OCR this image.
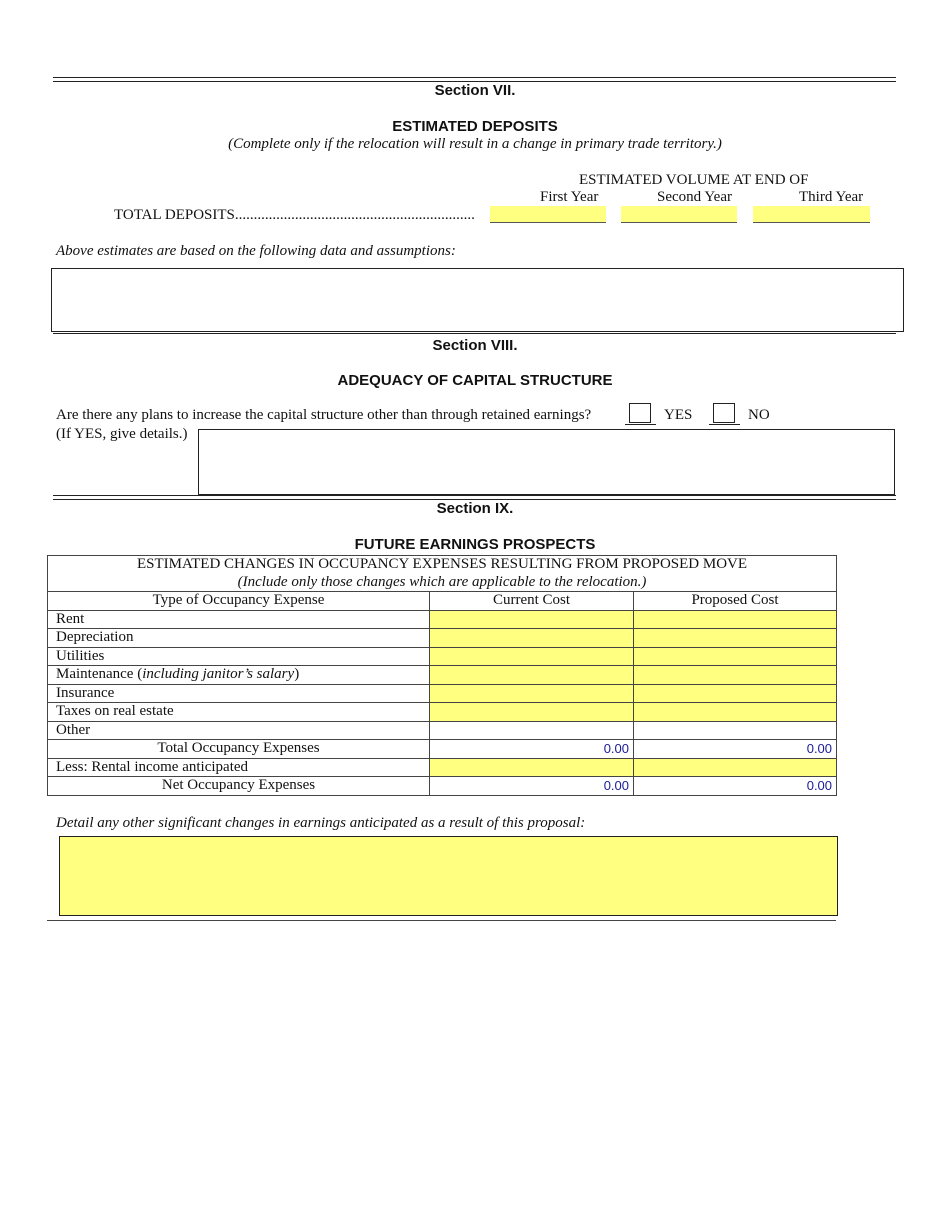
Section VII.
ESTIMATED DEPOSITS
(Complete only if the relocation will result in a change in primary trade territory.)
ESTIMATED VOLUME AT END OF
First Year	Second Year	Third Year
TOTAL DEPOSITS................................................................
Above estimates are based on the following data and assumptions:
Section VIII.
ADEQUACY OF CAPITAL STRUCTURE
Are there any plans to increase the capital structure other than through retained earnings?	YES	NO
(If YES, give details.)
Section IX.
FUTURE EARNINGS PROSPECTS
ESTIMATED CHANGES IN OCCUPANCY EXPENSES RESULTING FROM PROPOSED MOVE		
(Include only those changes which are applicable to the relocation.)		
Type of Occupancy Expense	Current Cost	Proposed Cost
Rent		
Depreciation		
Utilities		
Maintenance (including janitor’s salary)		
Insurance		
Taxes on real estate		
Other		
Total Occupancy Expenses	0.00	0.00
Less: Rental income anticipated		
Net Occupancy Expenses	0.00	0.00
Detail any other significant changes in earnings anticipated as a result of this proposal:
